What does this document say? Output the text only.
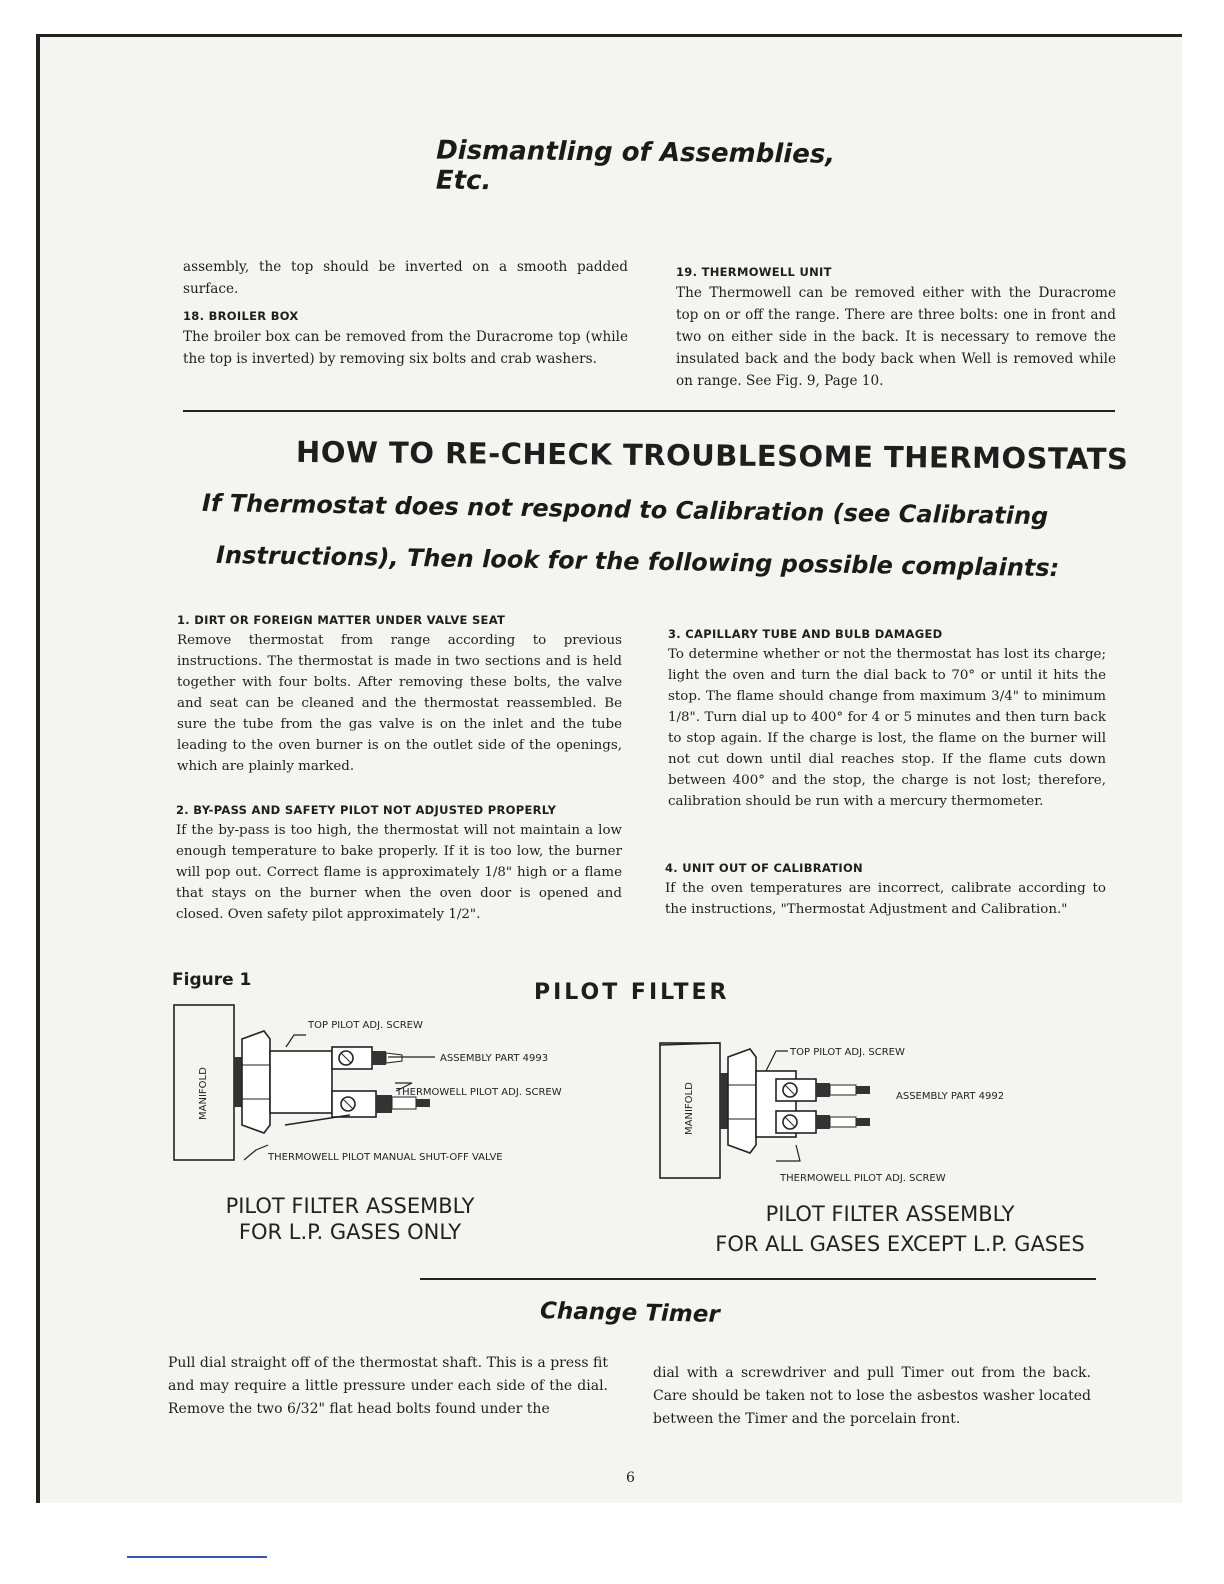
Dismantling of Assemblies, Etc.
assembly, the top should be inverted on a smooth padded surface.
18. BROILER BOX
The broiler box can be removed from the Duracrome top (while the top is inverted) by removing six bolts and crab washers.
19. THERMOWELL UNIT
The Thermowell can be removed either with the Duracrome top on or off the range. There are three bolts: one in front and two on either side in the back. It is necessary to remove the insulated back and the body back when Well is removed while on range. See Fig. 9, Page 10.
HOW TO RE-CHECK TROUBLESOME THERMOSTATS
If Thermostat does not respond to Calibration (see Calibrating
Instructions), Then look for the following possible complaints:
1. DIRT OR FOREIGN MATTER UNDER VALVE SEAT
Remove thermostat from range according to previous instructions. The thermostat is made in two sections and is held together with four bolts. After removing these bolts, the valve and seat can be cleaned and the thermostat reassembled. Be sure the tube from the gas valve is on the inlet and the tube leading to the oven burner is on the outlet side of the openings, which are plainly marked.
2. BY-PASS AND SAFETY PILOT NOT ADJUSTED PROPERLY
If the by-pass is too high, the thermostat will not maintain a low enough temperature to bake properly. If it is too low, the burner will pop out. Correct flame is approximately 1/8" high or a flame that stays on the burner when the oven door is opened and closed. Oven safety pilot approximately 1/2".
3. CAPILLARY TUBE AND BULB DAMAGED
To determine whether or not the thermostat has lost its charge; light the oven and turn the dial back to 70° or until it hits the stop. The flame should change from maximum 3/4" to minimum 1/8". Turn dial up to 400° for 4 or 5 minutes and then turn back to stop again. If the charge is lost, the flame on the burner will not cut down until dial reaches stop. If the flame cuts down between 400° and the stop, the charge is not lost; therefore, calibration should be run with a mercury thermometer.
4. UNIT OUT OF CALIBRATION
If the oven temperatures are incorrect, calibrate according to the instructions, "Thermostat Adjustment and Calibration."
Figure 1	PILOT FILTER
MANIFOLD
TOP PILOT ADJ. SCREW
ASSEMBLY PART 4993
THERMOWELL PILOT ADJ. SCREW
THERMOWELL PILOT MANUAL SHUT-OFF VALVE
PILOT FILTER ASSEMBLY
FOR L.P. GASES ONLY
MANIFOLD
TOP PILOT ADJ. SCREW
ASSEMBLY PART 4992
THERMOWELL PILOT ADJ. SCREW
PILOT FILTER ASSEMBLY
FOR ALL GASES EXCEPT L.P. GASES
Change Timer
Pull dial straight off of the thermostat shaft. This is a press fit and may require a little pressure under each side of the dial. Remove the two 6/32" flat head bolts found under the
dial with a screwdriver and pull Timer out from the back. Care should be taken not to lose the asbestos washer located between the Timer and the porcelain front.
6
